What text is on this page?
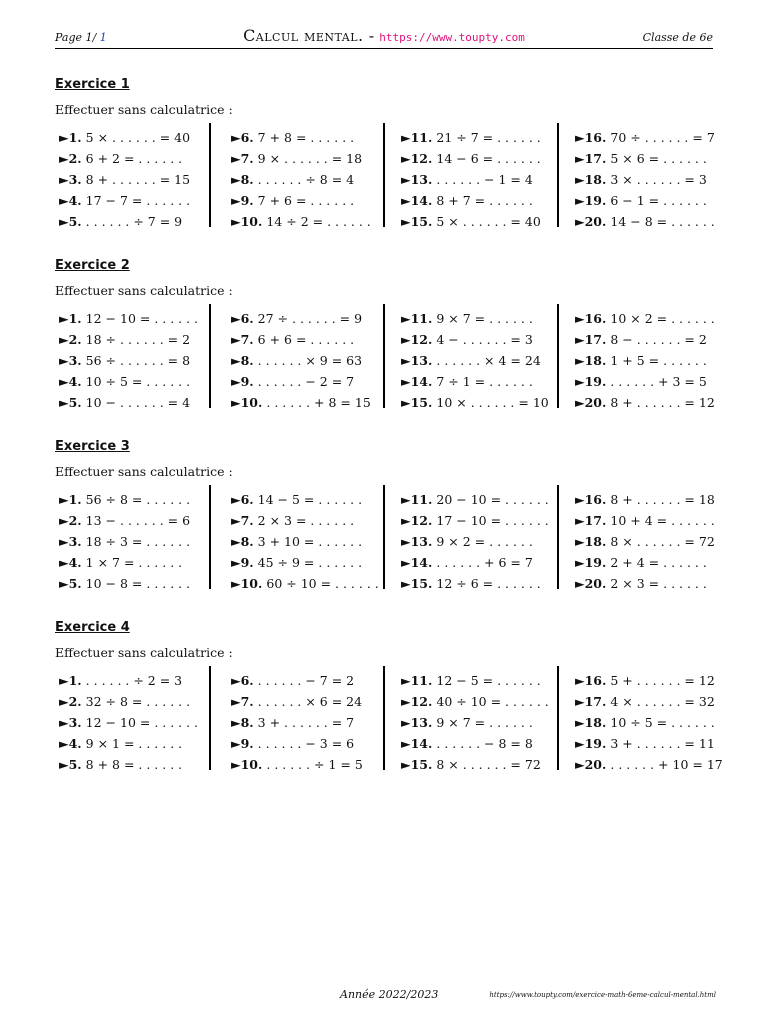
Page 1/ 1	Calcul mental. - https://www.toupty.com	Classe de 6e
Exercice 1
Effectuer sans calculatrice :
►1. 5 × . . . . . . = 40
►2. 6 + 2 = . . . . . .
►3. 8 + . . . . . . = 15
►4. 17 − 7 = . . . . . .
►5. . . . . . . ÷ 7 = 9
►6. 7 + 8 = . . . . . .
►7. 9 × . . . . . . = 18
►8. . . . . . . ÷ 8 = 4
►9. 7 + 6 = . . . . . .
►10. 14 ÷ 2 = . . . . . .
►11. 21 ÷ 7 = . . . . . .
►12. 14 − 6 = . . . . . .
►13. . . . . . . − 1 = 4
►14. 8 + 7 = . . . . . .
►15. 5 × . . . . . . = 40
►16. 70 ÷ . . . . . . = 7
►17. 5 × 6 = . . . . . .
►18. 3 × . . . . . . = 3
►19. 6 − 1 = . . . . . .
►20. 14 − 8 = . . . . . .
Exercice 2
Effectuer sans calculatrice :
►1. 12 − 10 = . . . . . .
►2. 18 ÷ . . . . . . = 2
►3. 56 ÷ . . . . . . = 8
►4. 10 ÷ 5 = . . . . . .
►5. 10 − . . . . . . = 4
►6. 27 ÷ . . . . . . = 9
►7. 6 + 6 = . . . . . .
►8. . . . . . . × 9 = 63
►9. . . . . . . − 2 = 7
►10. . . . . . . + 8 = 15
►11. 9 × 7 = . . . . . .
►12. 4 − . . . . . . = 3
►13. . . . . . . × 4 = 24
►14. 7 ÷ 1 = . . . . . .
►15. 10 × . . . . . . = 10
►16. 10 × 2 = . . . . . .
►17. 8 − . . . . . . = 2
►18. 1 + 5 = . . . . . .
►19. . . . . . . + 3 = 5
►20. 8 + . . . . . . = 12
Exercice 3
Effectuer sans calculatrice :
►1. 56 ÷ 8 = . . . . . .
►2. 13 − . . . . . . = 6
►3. 18 ÷ 3 = . . . . . .
►4. 1 × 7 = . . . . . .
►5. 10 − 8 = . . . . . .
►6. 14 − 5 = . . . . . .
►7. 2 × 3 = . . . . . .
►8. 3 + 10 = . . . . . .
►9. 45 ÷ 9 = . . . . . .
►10. 60 ÷ 10 = . . . . . .
►11. 20 − 10 = . . . . . .
►12. 17 − 10 = . . . . . .
►13. 9 × 2 = . . . . . .
►14. . . . . . . + 6 = 7
►15. 12 ÷ 6 = . . . . . .
►16. 8 + . . . . . . = 18
►17. 10 + 4 = . . . . . .
►18. 8 × . . . . . . = 72
►19. 2 + 4 = . . . . . .
►20. 2 × 3 = . . . . . .
Exercice 4
Effectuer sans calculatrice :
►1. . . . . . . ÷ 2 = 3
►2. 32 ÷ 8 = . . . . . .
►3. 12 − 10 = . . . . . .
►4. 9 × 1 = . . . . . .
►5. 8 + 8 = . . . . . .
►6. . . . . . . − 7 = 2
►7. . . . . . . × 6 = 24
►8. 3 + . . . . . . = 7
►9. . . . . . . − 3 = 6
►10. . . . . . . ÷ 1 = 5
►11. 12 − 5 = . . . . . .
►12. 40 ÷ 10 = . . . . . .
►13. 9 × 7 = . . . . . .
►14. . . . . . . − 8 = 8
►15. 8 × . . . . . . = 72
►16. 5 + . . . . . . = 12
►17. 4 × . . . . . . = 32
►18. 10 ÷ 5 = . . . . . .
►19. 3 + . . . . . . = 11
►20. . . . . . . + 10 = 17
Année 2022/2023	https://www.toupty.com/exercice-math-6eme-calcul-mental.html
